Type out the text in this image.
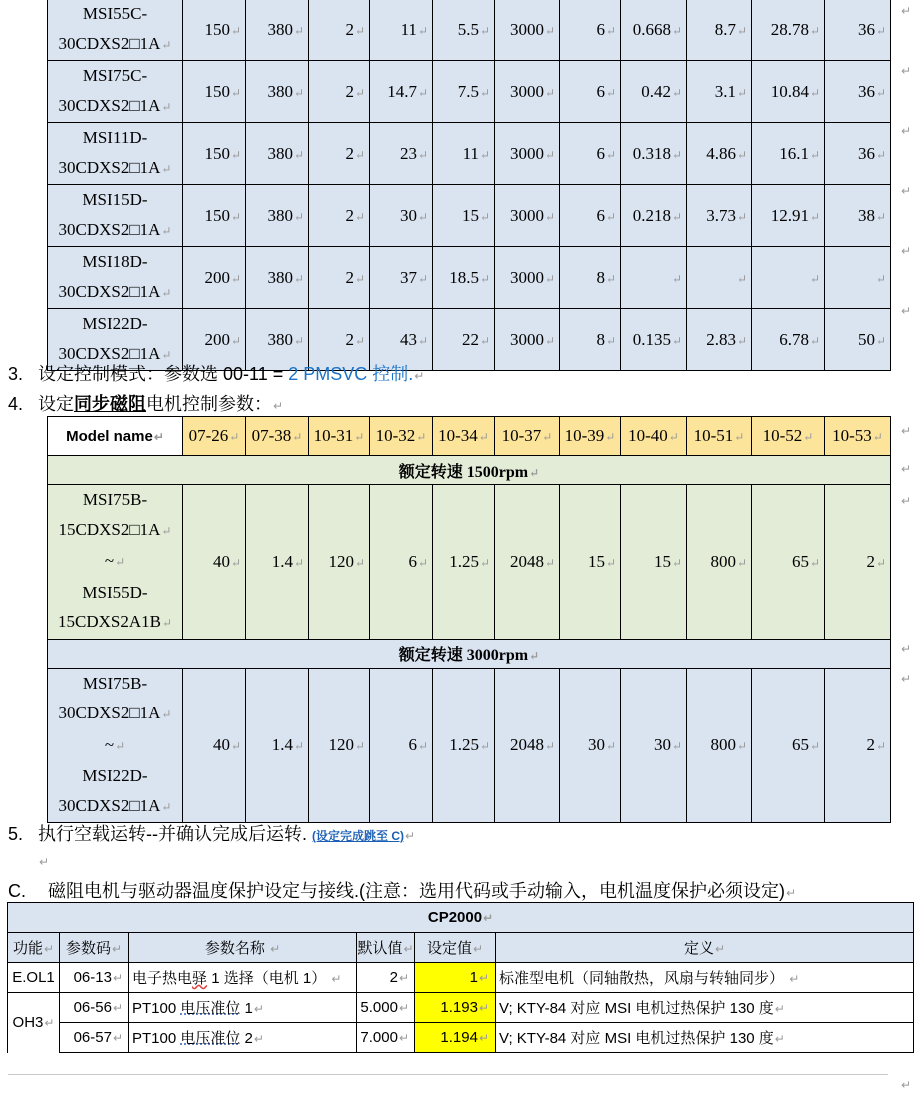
MSI55C-
30CDXS2□1A↵	150↵	380↵	2↵	11↵	5.5↵	3000↵	6↵	0.668↵	8.7↵	28.78↵	36↵
MSI75C-
30CDXS2□1A↵	150↵	380↵	2↵	14.7↵	7.5↵	3000↵	6↵	0.42↵	3.1↵	10.84↵	36↵
MSI11D-
30CDXS2□1A↵	150↵	380↵	2↵	23↵	11↵	3000↵	6↵	0.318↵	4.86↵	16.1↵	36↵
MSI15D-
30CDXS2□1A↵	150↵	380↵	2↵	30↵	15↵	3000↵	6↵	0.218↵	3.73↵	12.91↵	38↵
MSI18D-
30CDXS2□1A↵	200↵	380↵	2↵	37↵	18.5↵	3000↵	8↵	↵	↵	↵	↵
MSI22D-
30CDXS2□1A↵	200↵	380↵	2↵	43↵	22↵	3000↵	8↵	0.135↵	2.83↵	6.78↵	50↵
↵
↵
↵
↵
↵
↵
3. 设定控制模式：参数选 00-11 = 2 PMSVC 控制.↵
4. 设定同步磁阻电机控制参数：↵
Model name↵	07-26↵	07-38↵	10-31↵	10-32↵	10-34↵	10-37↵	10-39↵	10-40↵	10-51↵	10-52↵	10-53↵
额定转速 1500rpm↵											
MSI75B-
15CDXS2□1A↵
~↵
MSI55D-
15CDXS2A1B↵	40↵	1.4↵	120↵	6↵	1.25↵	2048↵	15↵	15↵	800↵	65↵	2↵
额定转速 3000rpm↵											
MSI75B-
30CDXS2□1A↵
~↵
MSI22D-
30CDXS2□1A↵	40↵	1.4↵	120↵	6↵	1.25↵	2048↵	30↵	30↵	800↵	65↵	2↵
↵
↵
↵
↵
↵
5. 执行空载运转--并确认完成后运转. (设定完成跳至 C)↵
↵
C. 磁阻电机与驱动器温度保护设定与接线.(注意：选用代码或手动输入，电机温度保护必须设定)↵
CP2000↵					
功能↵	参数码↵	参数名称 ↵	默认值↵	设定值↵	定义↵
E.OL1	06-13↵	电子热电驿 1 选择（电机 1） ↵	2↵	1↵	标准型电机（同轴散热，风扇与转轴同步） ↵
OH3↵	06-56↵	PT100 电压准位 1↵	5.000↵	1.193↵	V; KTY-84 对应 MSI 电机过热保护 130 度↵
	06-57↵	PT100 电压准位 2↵	7.000↵	1.194↵	V; KTY-84 对应 MSI 电机过热保护 130 度↵
↵
